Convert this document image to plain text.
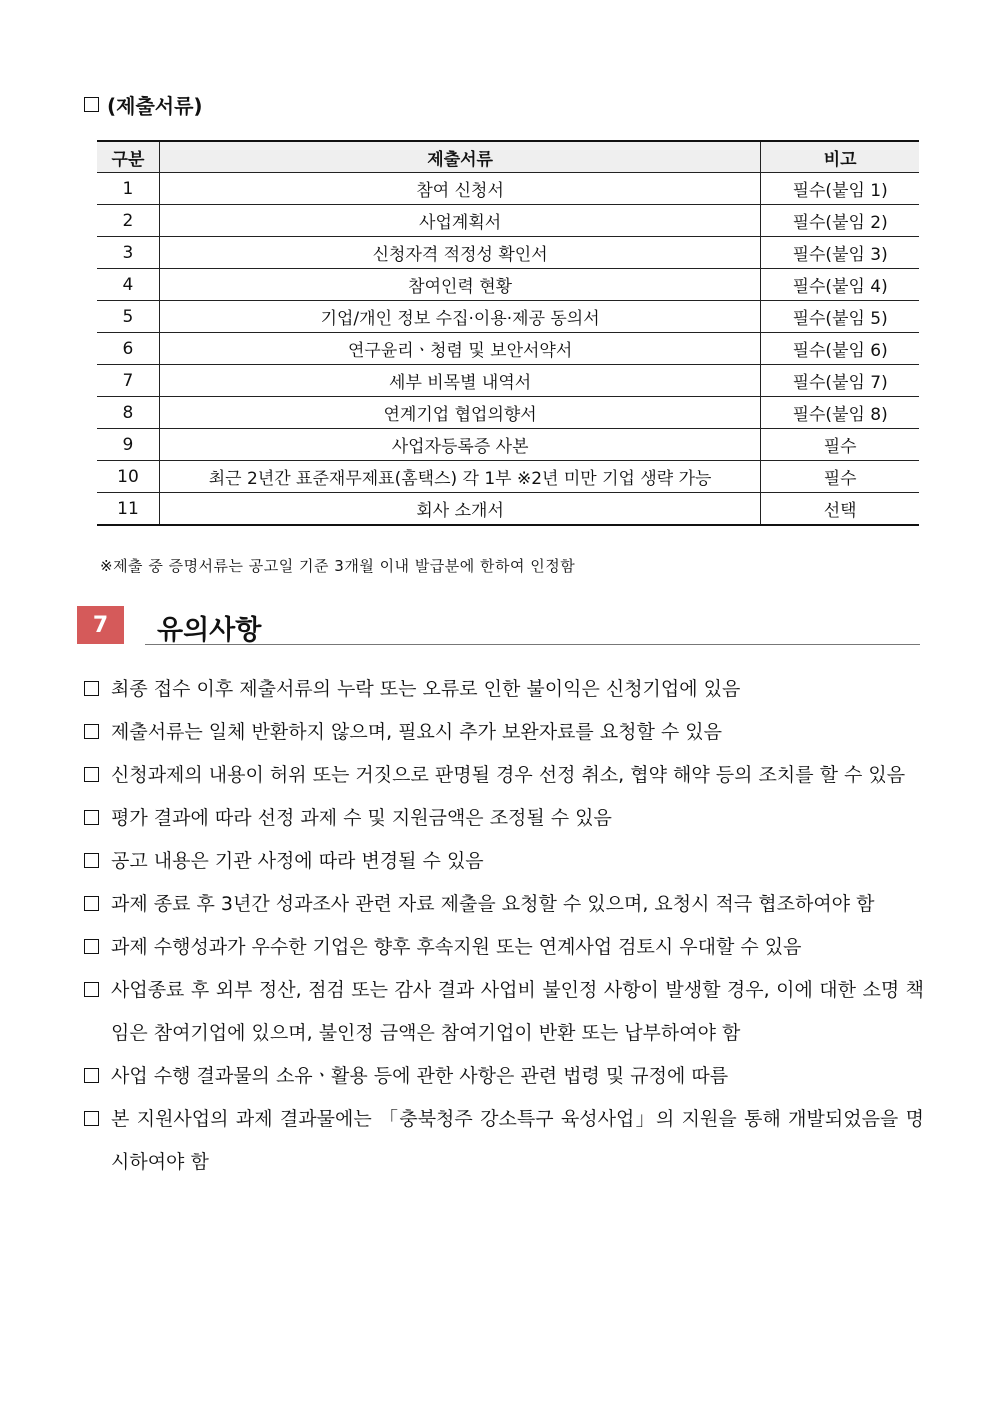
(제출서류)
구분	제출서류	비고
1	참여 신청서	필수(붙임 1)
2	사업계획서	필수(붙임 2)
3	신청자격 적정성 확인서	필수(붙임 3)
4	참여인력 현황	필수(붙임 4)
5	기업/개인 정보 수집·이용·제공 동의서	필수(붙임 5)
6	연구윤리ㆍ청렴 및 보안서약서	필수(붙임 6)
7	세부 비목별 내역서	필수(붙임 7)
8	연계기업 협업의향서	필수(붙임 8)
9	사업자등록증 사본	필수
10	최근 2년간 표준재무제표(홈택스) 각 1부 ※2년 미만 기업 생략 가능	필수
11	회사 소개서	선택
※제출 중 증명서류는 공고일 기준 3개월 이내 발급분에 한하여 인정함
7	유의사항
최종 접수 이후 제출서류의 누락 또는 오류로 인한 불이익은 신청기업에 있음
제출서류는 일체 반환하지 않으며, 필요시 추가 보완자료를 요청할 수 있음
신청과제의 내용이 허위 또는 거짓으로 판명될 경우 선정 취소, 협약 해약 등의 조치를 할 수 있음
평가 결과에 따라 선정 과제 수 및 지원금액은 조정될 수 있음
공고 내용은 기관 사정에 따라 변경될 수 있음
과제 종료 후 3년간 성과조사 관련 자료 제출을 요청할 수 있으며, 요청시 적극 협조하여야 함
과제 수행성과가 우수한 기업은 향후 후속지원 또는 연계사업 검토시 우대할 수 있음
사업종료 후 외부 정산, 점검 또는 감사 결과 사업비 불인정 사항이 발생할 경우, 이에 대한 소명 책임은 참여기업에 있으며, 불인정 금액은 참여기업이 반환 또는 납부하여야 함
사업 수행 결과물의 소유ㆍ활용 등에 관한 사항은 관련 법령 및 규정에 따름
본 지원사업의 과제 결과물에는 「충북청주 강소특구 육성사업」의 지원을 통해 개발되었음을 명시하여야 함
